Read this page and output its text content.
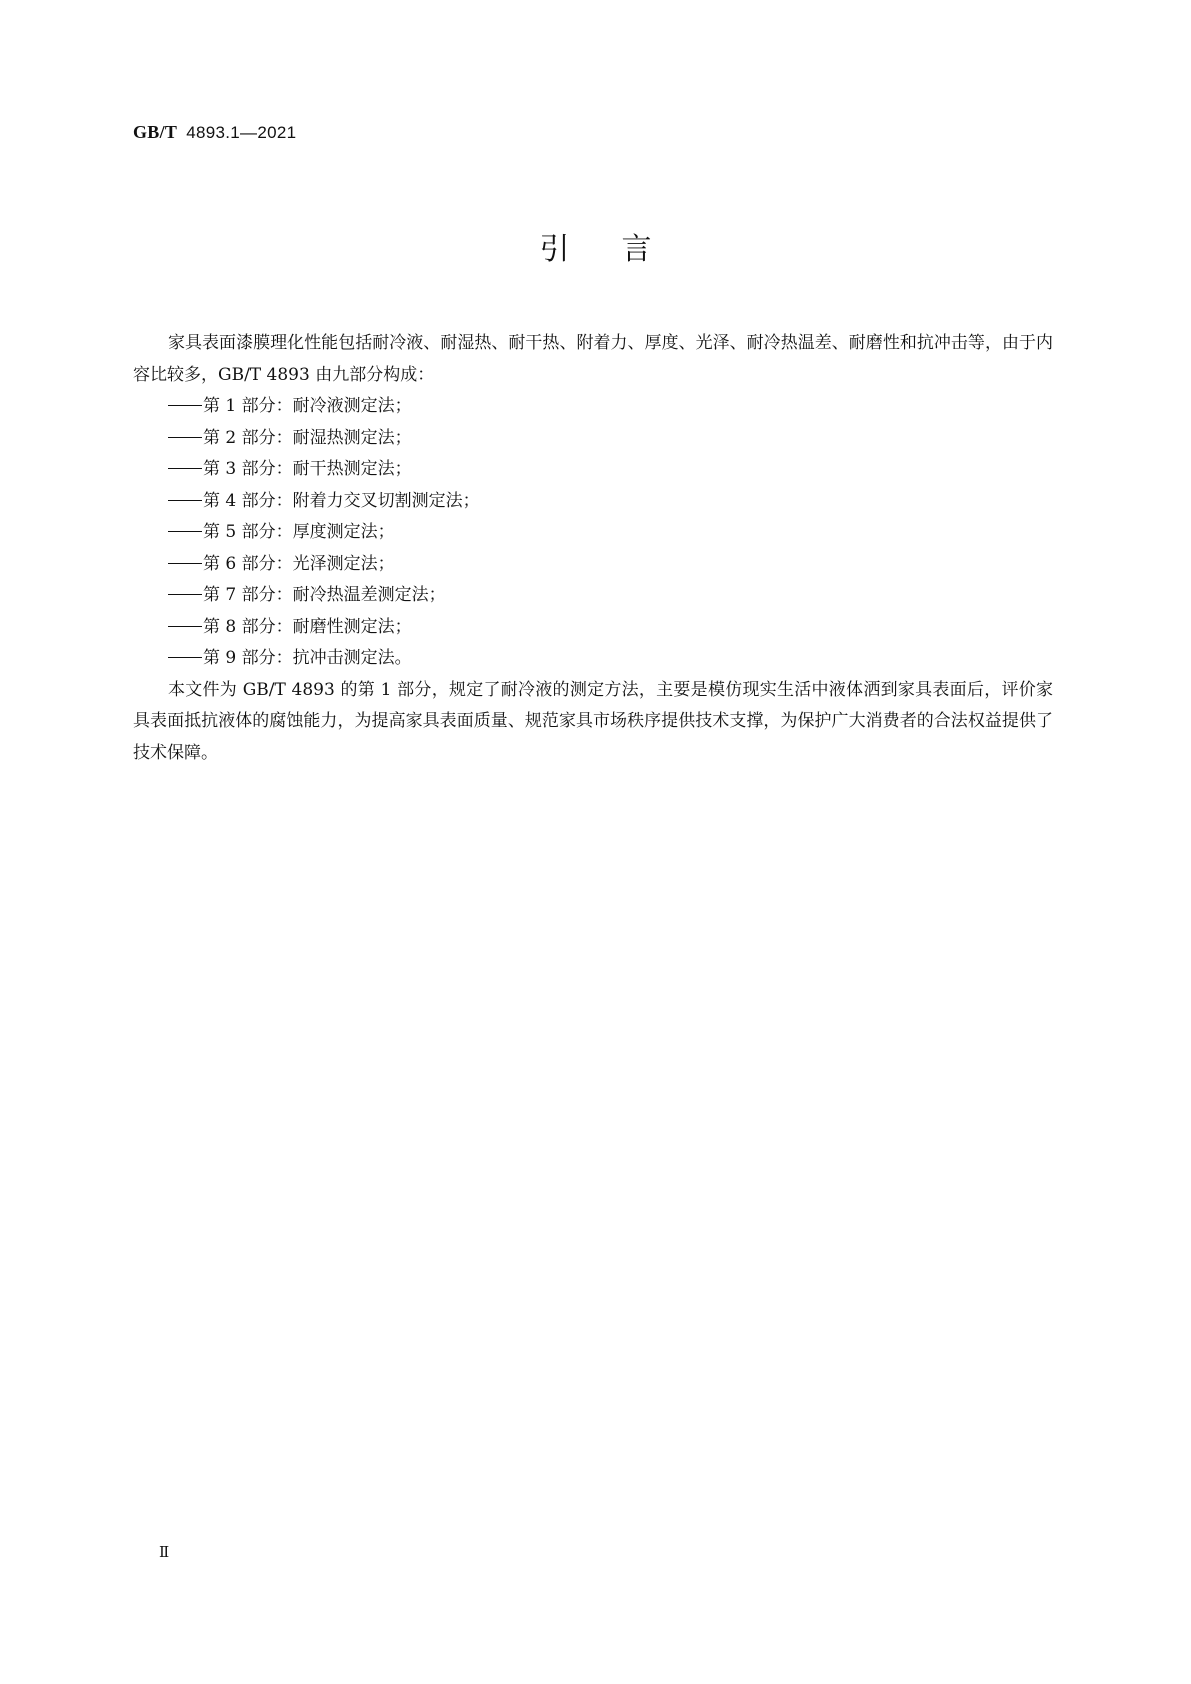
GB/T 4893.1—2021
引言

家具表面漆膜理化性能包括耐冷液、耐湿热、耐干热、附着力、厚度、光泽、耐冷热温差、耐磨性和抗冲击等，由于内容比较多，GB/T 4893 由九部分构成：

第 1 部分：耐冷液测定法；
第 2 部分：耐湿热测定法；
第 3 部分：耐干热测定法；
第 4 部分：附着力交叉切割测定法；
第 5 部分：厚度测定法；
第 6 部分：光泽测定法；
第 7 部分：耐冷热温差测定法；
第 8 部分：耐磨性测定法；
第 9 部分：抗冲击测定法。

本文件为 GB/T 4893 的第 1 部分，规定了耐冷液的测定方法，主要是模仿现实生活中液体洒到家具表面后，评价家具表面抵抗液体的腐蚀能力，为提高家具表面质量、规范家具市场秩序提供技术支撑，为保护广大消费者的合法权益提供了技术保障。

Ⅱ
